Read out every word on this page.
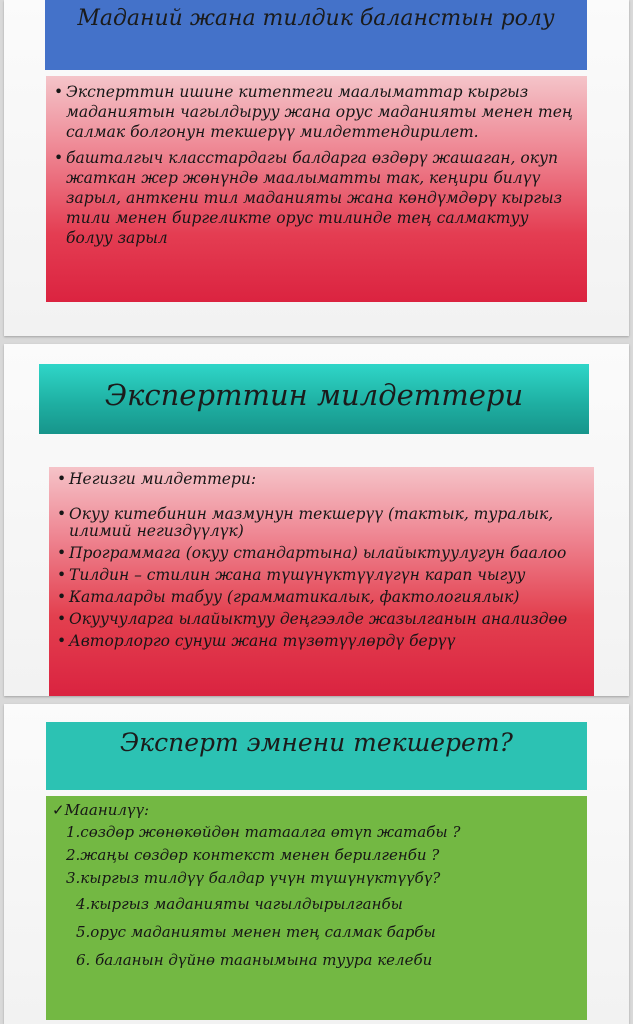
Маданий жана тилдик баланстын ролу
• Эксперттин ишине китептеги маалыматтар кыргыз маданиятын чагылдыруу жана орус маданияты менен тең салмак болгонун текшерүү милдеттендирилет.
• башталгыч класстардагы балдарга өздөрү жашаган, окуп жаткан жер жөнүндө маалыматты так, кеңири билүү зарыл, анткени тил маданияты жана көндүмдөрү кыргыз тили менен биргеликте орус тилинде тең салмактуу болуу зарыл
Эксперттин милдеттери
• Негизги милдеттери:
• Окуу китебинин мазмунун текшерүү (тактык, туралык, илимий негиздүүлүк)
• Программага (окуу стандартына) ылайыктуулугун баалоо
• Тилдин – стилин жана түшүнүктүүлүгүн карап чыгуу
• Каталарды табуу (грамматикалык, фактологиялык)
• Окуучуларга ылайыктуу деңгээлде жазылганын анализдөө
• Авторлорго сунуш жана түзөтүүлөрдү берүү
Эксперт эмнени текшерет?
✓Маанилүү:
1.сөздөр жөнөкөйдөн татаалга өтүп жатабы ?
2.жаңы сөздөр контекст менен берилгенби ?
3.кыргыз тилдүү балдар үчүн түшүнүктүүбү?
4.кыргыз маданияты чагылдырылганбы
5.орус маданияты менен тең салмак барбы
6. баланын дүйнө таанымына туура келеби
